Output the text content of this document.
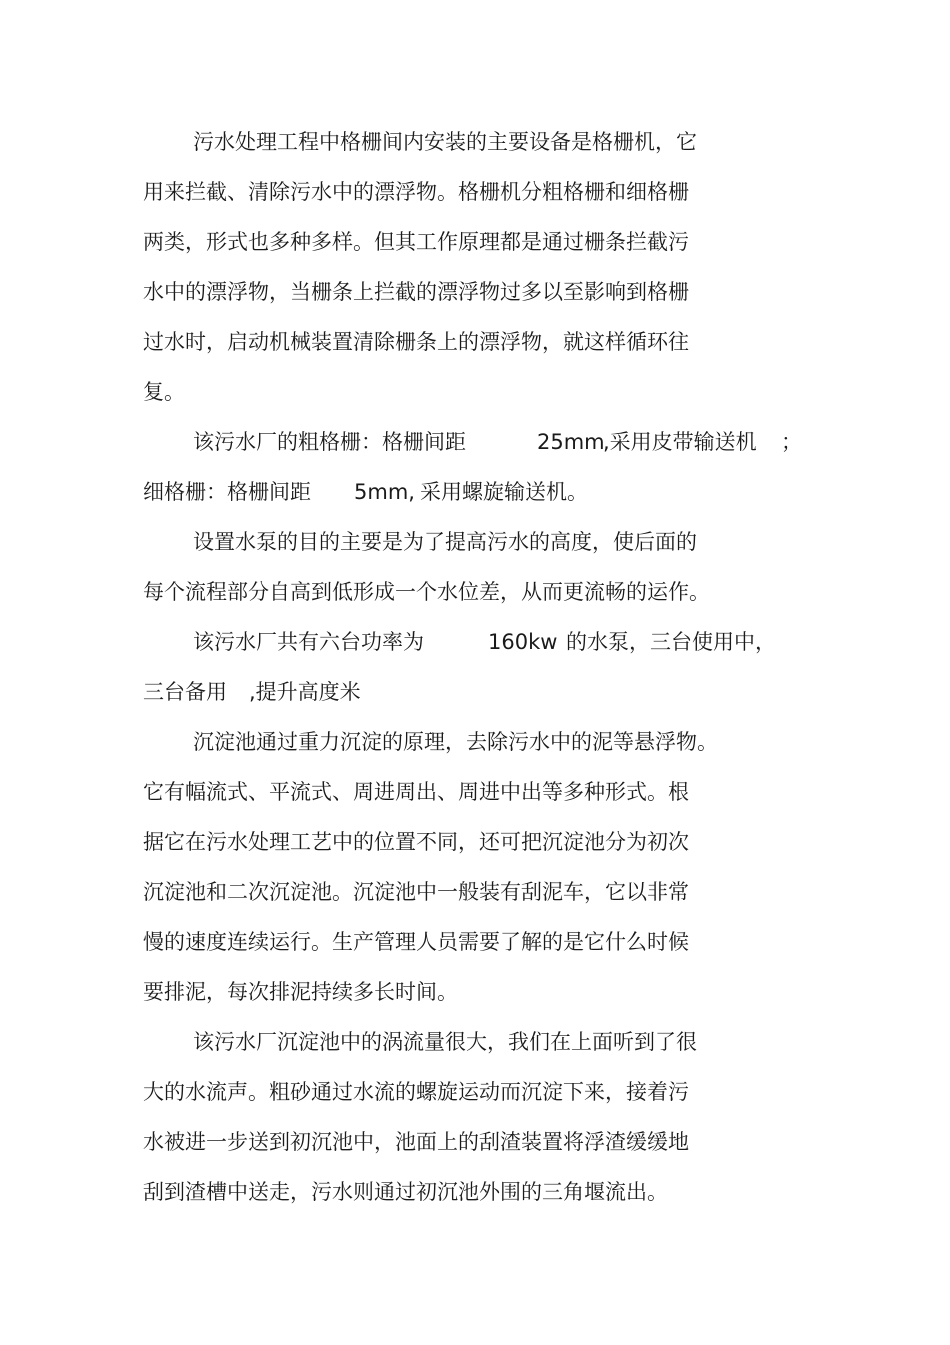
污水处理工程中格栅间内安装的主要设备是格栅机，它
用来拦截、清除污水中的漂浮物。格栅机分粗格栅和细格栅
两类，形式也多种多样。但其工作原理都是通过栅条拦截污
水中的漂浮物，当栅条上拦截的漂浮物过多以至影响到格栅
过水时，启动机械装置清除栅条上的漂浮物，就这样循环往
复。
该污水厂的粗格栅：格栅间距	25mm
,采用皮带输送机 ；
细格栅：格栅间距 5mm, 采用螺旋输送机。
设置水泵的目的主要是为了提高污水的高度，使后面的
每个流程部分自高到低形成一个水位差，从而更流畅的运作。
该污水厂共有六台功率为	160kw 的水泵，三台使用中，
三台备用 ,提升高度米
沉淀池通过重力沉淀的原理，去除污水中的泥等悬浮物。
它有幅流式、平流式、周进周出、周进中出等多种形式。根
据它在污水处理工艺中的位置不同，还可把沉淀池分为初次
沉淀池和二次沉淀池。沉淀池中一般装有刮泥车，它以非常
慢的速度连续运行。生产管理人员需要了解的是它什么时候
要排泥，每次排泥持续多长时间。
该污水厂沉淀池中的涡流量很大，我们在上面听到了很
大的水流声。粗砂通过水流的螺旋运动而沉淀下来，接着污
水被进一步送到初沉池中，池面上的刮渣装置将浮渣缓缓地
刮到渣槽中送走，污水则通过初沉池外围的三角堰流出。
